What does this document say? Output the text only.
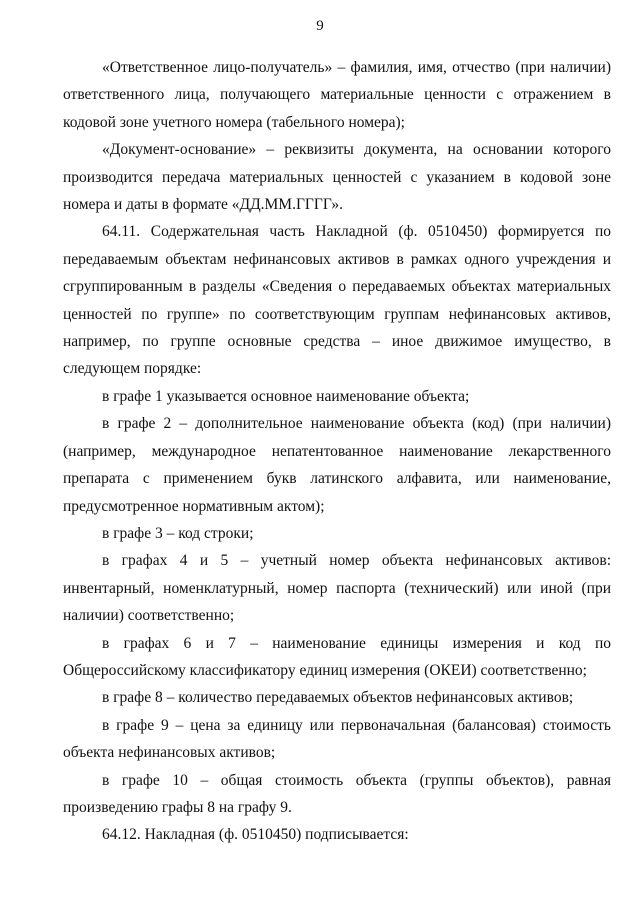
9

«Ответственное лицо-получатель» – фамилия, имя, отчество (при наличии) ответственного лица, получающего материальные ценности с отражением в кодовой зоне учетного номера (табельного номера);

«Документ-основание» – реквизиты документа, на основании которого производится передача материальных ценностей с указанием в кодовой зоне номера и даты в формате «ДД.ММ.ГГГГ».

64.11. Содержательная часть Накладной (ф. 0510450) формируется по передаваемым объектам нефинансовых активов в рамках одного учреждения и сгруппированным в разделы «Сведения о передаваемых объектах материальных ценностей по группе» по соответствующим группам нефинансовых активов, например, по группе основные средства – иное движимое имущество, в следующем порядке:

в графе 1 указывается основное наименование объекта;

в графе 2 – дополнительное наименование объекта (код) (при наличии) (например, международное непатентованное наименование лекарственного препарата с применением букв латинского алфавита, или наименование, предусмотренное нормативным актом);

в графе 3 – код строки;

в графах 4 и 5 – учетный номер объекта нефинансовых активов: инвентарный, номенклатурный, номер паспорта (технический) или иной (при наличии) соответственно;

в графах 6 и 7 – наименование единицы измерения и код по Общероссийскому классификатору единиц измерения (ОКЕИ) соответственно;

в графе 8 – количество передаваемых объектов нефинансовых активов;

в графе 9 – цена за единицу или первоначальная (балансовая) стоимость объекта нефинансовых активов;

в графе 10 – общая стоимость объекта (группы объектов), равная произведению графы 8 на графу 9.

64.12. Накладная (ф. 0510450) подписывается:
